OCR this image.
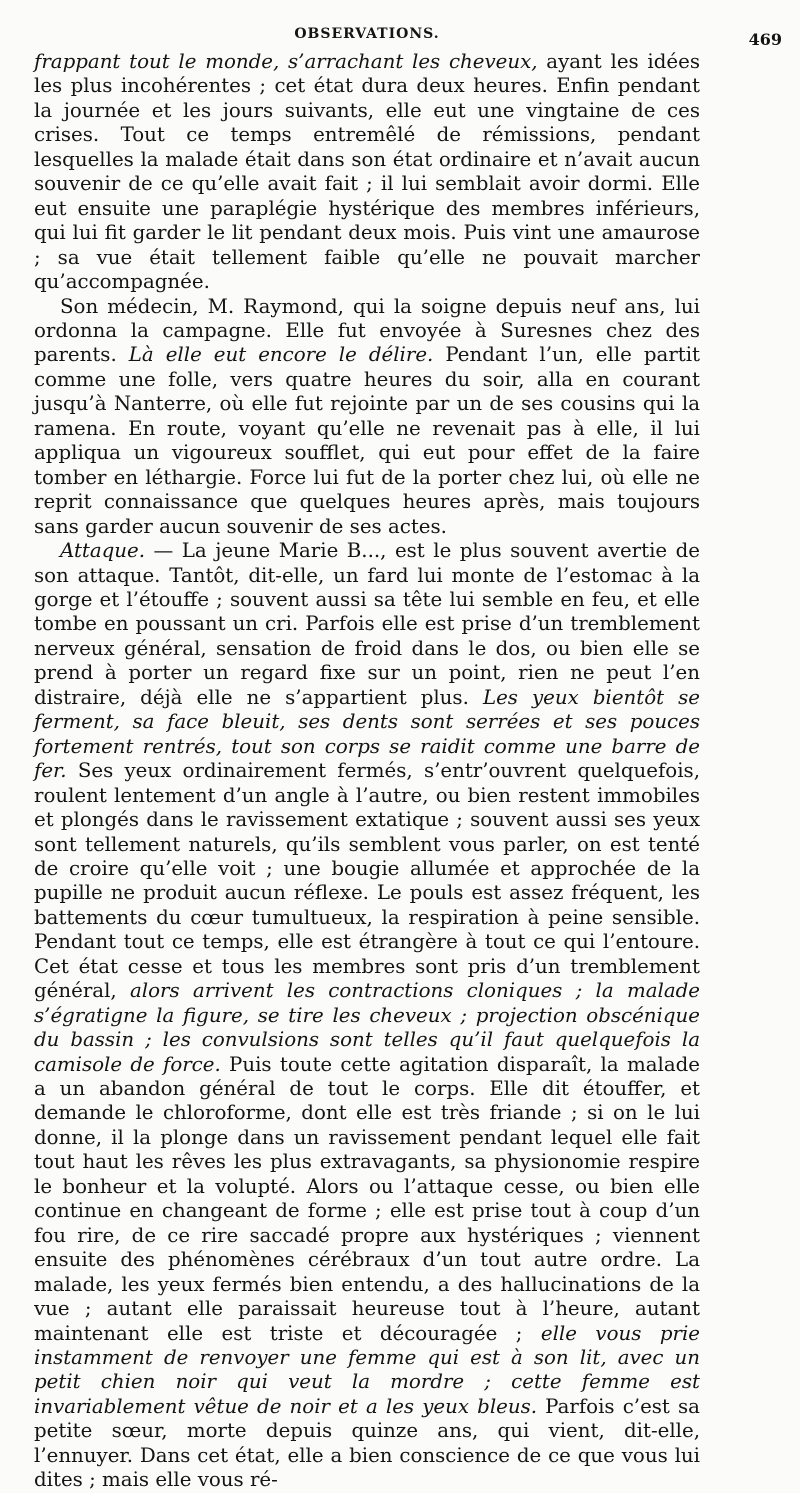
OBSERVATIONS.	469

frappant tout le monde, s’arrachant les cheveux, ayant les idées les plus incohérentes ; cet état dura deux heures. Enfin pendant la journée et les jours suivants, elle eut une vingtaine de ces crises. Tout ce temps entremêlé de rémissions, pendant lesquelles la malade était dans son état ordinaire et n’avait aucun souvenir de ce qu’elle avait fait ; il lui semblait avoir dormi. Elle eut ensuite une paraplégie hystérique des membres inférieurs, qui lui fit garder le lit pendant deux mois. Puis vint une amaurose ; sa vue était tellement faible qu’elle ne pouvait marcher qu’accompagnée.

Son médecin, M. Raymond, qui la soigne depuis neuf ans, lui ordonna la campagne. Elle fut envoyée à Suresnes chez des parents. Là elle eut encore le délire. Pendant l’un, elle partit comme une folle, vers quatre heures du soir, alla en courant jusqu’à Nanterre, où elle fut rejointe par un de ses cousins qui la ramena. En route, voyant qu’elle ne revenait pas à elle, il lui appliqua un vigoureux soufflet, qui eut pour effet de la faire tomber en léthargie. Force lui fut de la porter chez lui, où elle ne reprit connaissance que quelques heures après, mais toujours sans garder aucun souvenir de ses actes.

Attaque. — La jeune Marie B..., est le plus souvent avertie de son attaque. Tantôt, dit-elle, un fard lui monte de l’estomac à la gorge et l’étouffe ; souvent aussi sa tête lui semble en feu, et elle tombe en poussant un cri. Parfois elle est prise d’un tremblement nerveux général, sensation de froid dans le dos, ou bien elle se prend à porter un regard fixe sur un point, rien ne peut l’en distraire, déjà elle ne s’appartient plus. Les yeux bientôt se ferment, sa face bleuit, ses dents sont serrées et ses pouces fortement rentrés, tout son corps se raidit comme une barre de fer. Ses yeux ordinairement fermés, s’entr’ouvrent quelquefois, roulent lentement d’un angle à l’autre, ou bien restent immobiles et plongés dans le ravissement extatique ; souvent aussi ses yeux sont tellement naturels, qu’ils semblent vous parler, on est tenté de croire qu’elle voit ; une bougie allumée et approchée de la pupille ne produit aucun réflexe. Le pouls est assez fréquent, les battements du cœur tumultueux, la respiration à peine sensible. Pendant tout ce temps, elle est étrangère à tout ce qui l’entoure. Cet état cesse et tous les membres sont pris d’un tremblement général, alors arrivent les contractions cloniques ; la malade s’égratigne la figure, se tire les cheveux ; projection obscénique du bassin ; les convulsions sont telles qu’il faut quelquefois la camisole de force. Puis toute cette agitation disparaît, la malade a un abandon général de tout le corps. Elle dit étouffer, et demande le chloroforme, dont elle est très friande ; si on le lui donne, il la plonge dans un ravissement pendant lequel elle fait tout haut les rêves les plus extravagants, sa physionomie respire le bonheur et la volupté. Alors ou l’attaque cesse, ou bien elle continue en changeant de forme ; elle est prise tout à coup d’un fou rire, de ce rire saccadé propre aux hystériques ; viennent ensuite des phénomènes cérébraux d’un tout autre ordre. La malade, les yeux fermés bien entendu, a des hallucinations de la vue ; autant elle paraissait heureuse tout à l’heure, autant maintenant elle est triste et découragée ; elle vous prie instamment de renvoyer une femme qui est à son lit, avec un petit chien noir qui veut la mordre ; cette femme est invariablement vêtue de noir et a les yeux bleus. Parfois c’est sa petite sœur, morte depuis quinze ans, qui vient, dit-elle, l’ennuyer. Dans cet état, elle a bien conscience de ce que vous lui dites ; mais elle vous ré-
